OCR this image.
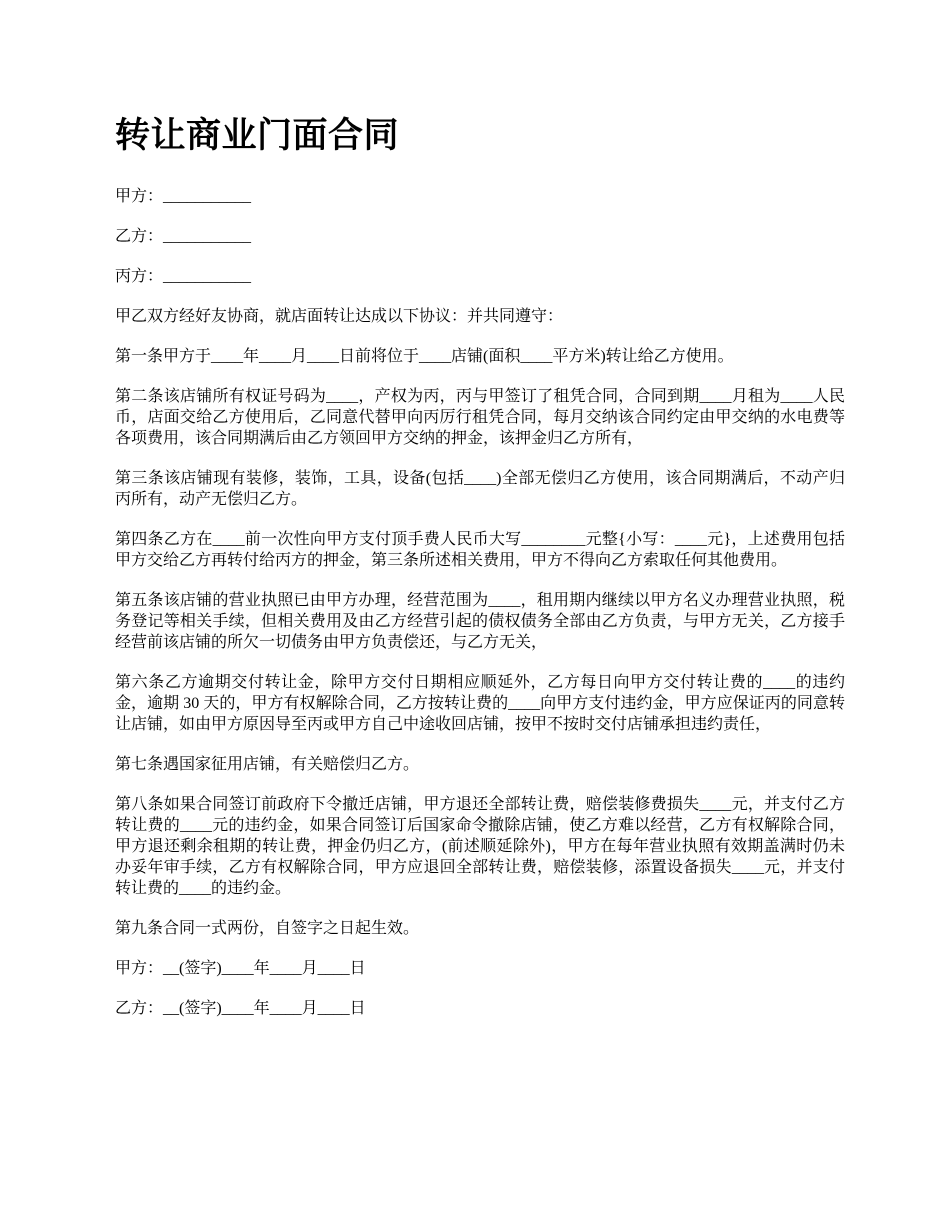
转让商业门面合同

甲方：___________

乙方：___________

丙方：___________

甲乙双方经好友协商，就店面转让达成以下协议：并共同遵守：

第一条甲方于____年____月____日前将位于____店铺(面积____平方米)转让给乙方使用。

第二条该店铺所有权证号码为____，产权为丙，丙与甲签订了租凭合同，合同到期____月租为____人民币，店面交给乙方使用后，乙同意代替甲向丙厉行租凭合同，每月交纳该合同约定由甲交纳的水电费等各项费用，该合同期满后由乙方领回甲方交纳的押金，该押金归乙方所有，

第三条该店铺现有装修，装饰，工具，设备(包括____)全部无偿归乙方使用，该合同期满后，不动产归丙所有，动产无偿归乙方。

第四条乙方在____前一次性向甲方支付顶手费人民币大写________元整{小写：____元}，上述费用包括甲方交给乙方再转付给丙方的押金，第三条所述相关费用，甲方不得向乙方索取任何其他费用。

第五条该店铺的营业执照已由甲方办理，经营范围为____，租用期内继续以甲方名义办理营业执照，税务登记等相关手续，但相关费用及由乙方经营引起的债权债务全部由乙方负责，与甲方无关，乙方接手经营前该店铺的所欠一切债务由甲方负责偿还，与乙方无关，

第六条乙方逾期交付转让金，除甲方交付日期相应顺延外，乙方每日向甲方交付转让费的____的违约金，逾期 30 天的，甲方有权解除合同，乙方按转让费的____向甲方支付违约金，甲方应保证丙的同意转让店铺，如由甲方原因导至丙或甲方自己中途收回店铺，按甲不按时交付店铺承担违约责任，

第七条遇国家征用店铺，有关赔偿归乙方。

第八条如果合同签订前政府下令撤迁店铺，甲方退还全部转让费，赔偿装修费损失____元，并支付乙方转让费的____元的违约金，如果合同签订后国家命令撤除店铺，使乙方难以经营，乙方有权解除合同，甲方退还剩余租期的转让费，押金仍归乙方，(前述顺延除外)，甲方在每年营业执照有效期盖满时仍未办妥年审手续，乙方有权解除合同，甲方应退回全部转让费，赔偿装修，添置设备损失____元，并支付转让费的____的违约金。

第九条合同一式两份，自签字之日起生效。

甲方：__(签字)____年____月____日

乙方：__(签字)____年____月____日
